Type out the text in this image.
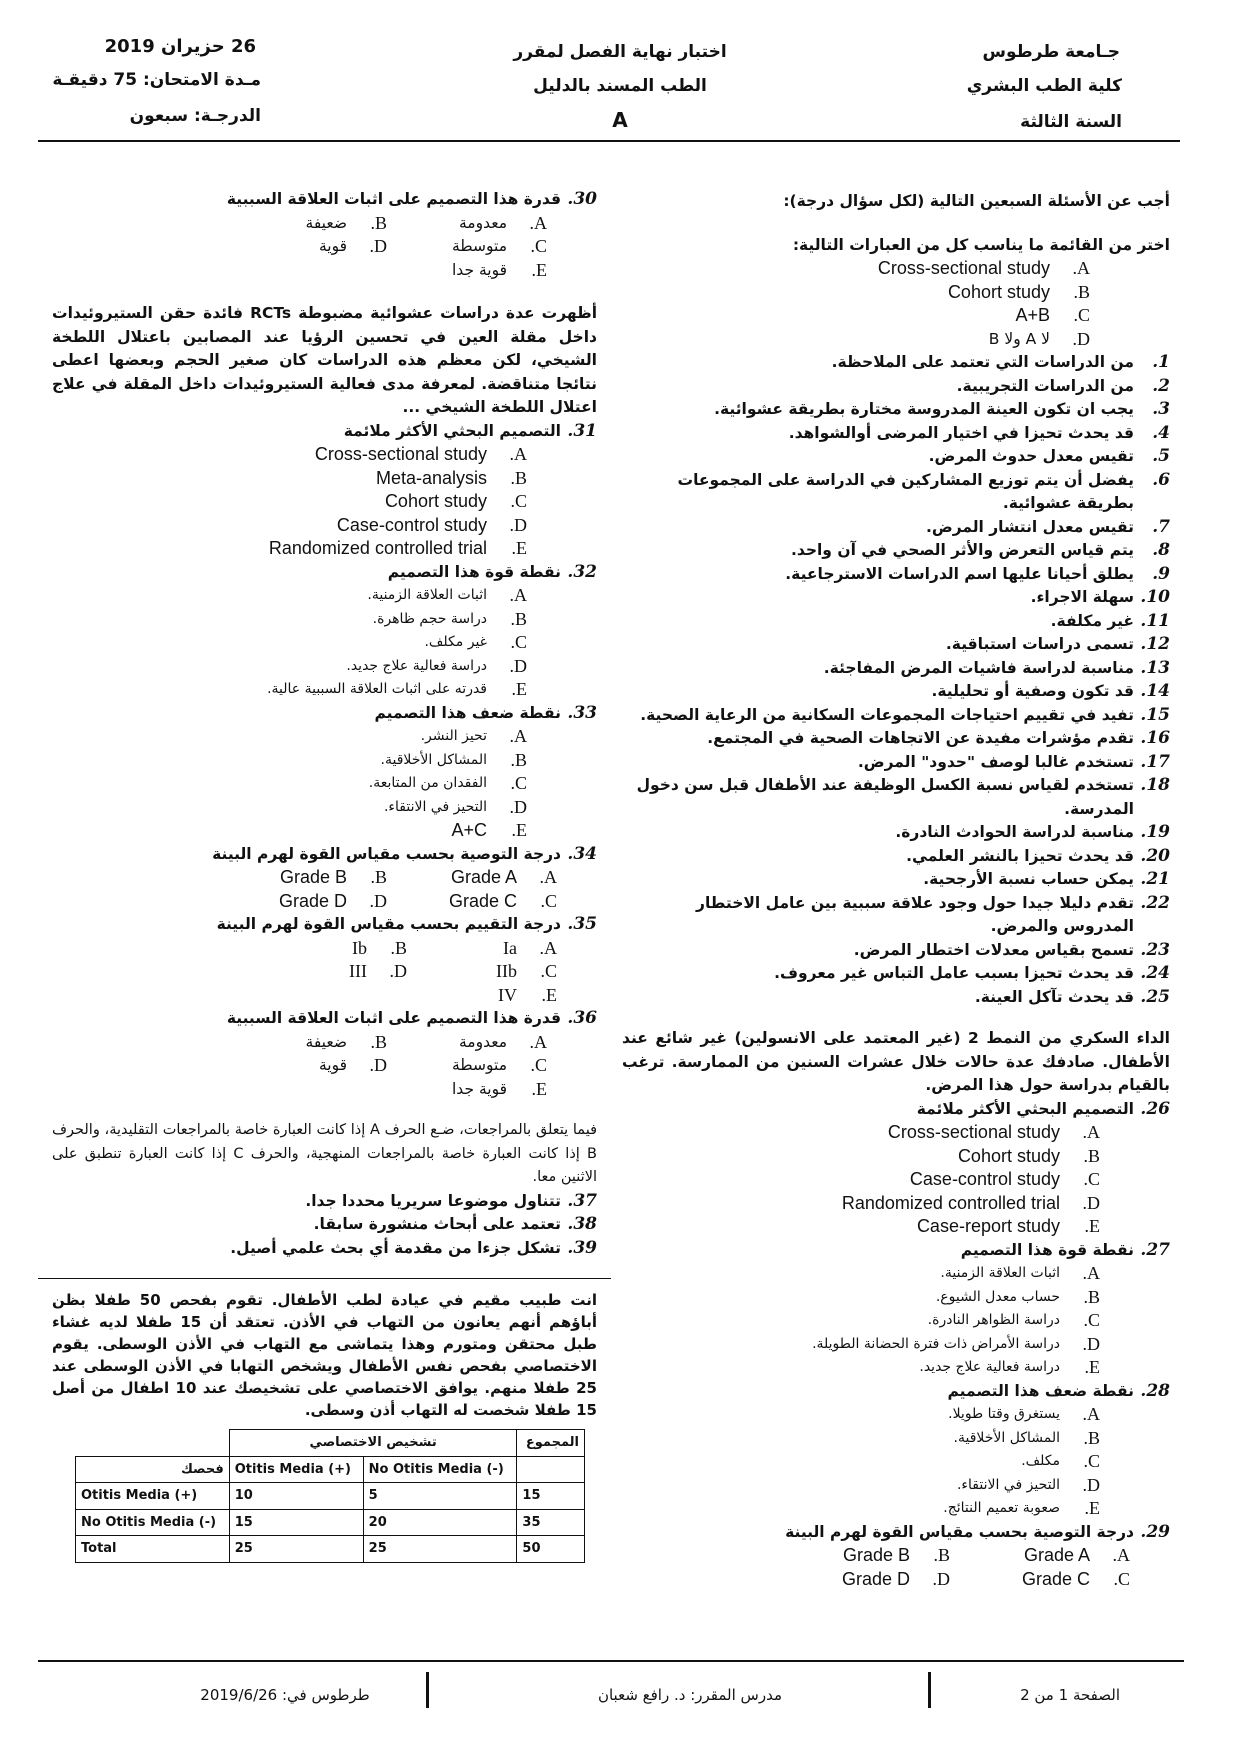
جـامعة طرطوس
كلية الطب البشري
السنة الثالثة
اختبار نهاية الفصل لمقرر
الطب المسند بالدليل
A
26 حزيران 2019
مـدة الامتحان: 75 دقيقـة
الدرجـة: سبعون

أجب عن الأسئلة السبعين التالية (لكل سؤال درجة):

اختر من القائمة ما يناسب كل من العبارات التالية:

A.
Cross-sectional study
B.
Cohort study
C.
A+B
D.
لا A ولا B
1.
من الدراسات التي تعتمد على الملاحظة.
2.
من الدراسات التجريبية.
3.
يجب ان تكون العينة المدروسة مختارة بطريقة عشوائية.
4.
قد يحدث تحيزا في اختيار المرضى أوالشواهد.
5.
تقيس معدل حدوث المرض.
6.
يفضل أن يتم توزيع المشاركين في الدراسة على المجموعات بطريقة عشوائية.
7.
تقيس معدل انتشار المرض.
8.
يتم قياس التعرض والأثر الصحي في آن واحد.
9.
يطلق أحيانا عليها اسم الدراسات الاسترجاعية.
10.
سهلة الاجراء.
11.
غير مكلفة.
12.
تسمى دراسات استباقية.
13.
مناسبة لدراسة فاشيات المرض المفاجئة.
14.
قد تكون وصفية أو تحليلية.
15.
تفيد في تقييم احتياجات المجموعات السكانية من الرعاية الصحية.
16.
تقدم مؤشرات مفيدة عن الاتجاهات الصحية في المجتمع.
17.
تستخدم غالبا لوصف "حدود" المرض.
18.
تستخدم لقياس نسبة الكسل الوظيفة عند الأطفال قبل سن دخول المدرسة.
19.
مناسبة لدراسة الحوادث النادرة.
20.
قد يحدث تحيزا بالنشر العلمي.
21.
يمكن حساب نسبة الأرجحية.
22.
تقدم دليلا جيدا حول وجود علاقة سببية بين عامل الاختطار المدروس والمرض.
23.
تسمح بقياس معدلات اختطار المرض.
24.
قد يحدث تحيزا بسبب عامل التباس غير معروف.
25.
قد يحدث تآكل العينة.
الداء السكري من النمط 2 (غير المعتمد على الانسولين) غير شائع عند الأطفال. صادفك عدة حالات خلال عشرات السنين من الممارسة. ترغب بالقيام بدراسة حول هذا المرض.
26.
التصميم البحثي الأكثر ملائمة
A.
Cross-sectional study
B.
Cohort study
C.
Case-control study
D.
Randomized controlled trial
E.
Case-report study
27.
نقطة قوة هذا التصميم
A.
اثبات العلاقة الزمنية.
B.
حساب معدل الشيوع.
C.
دراسة الظواهر النادرة.
D.
دراسة الأمراض ذات فترة الحضانة الطويلة.
E.
دراسة فعالية علاج جديد.
28.
نقطة ضعف هذا التصميم
A.
يستغرق وقتا طويلا.
B.
المشاكل الأخلاقية.
C.
مكلف.
D.
التحيز في الانتقاء.
E.
صعوبة تعميم النتائج.
29.
درجة التوصية بحسب مقياس القوة لهرم البينة
A.
Grade A
B.
Grade B
C.
Grade C
D.
Grade D
30.
قدرة هذا التصميم على اثبات العلاقة السببية
A.
معدومة
B.
ضعيفة
C.
متوسطة
D.
قوية
E.
قوية جدا
أظهرت عدة دراسات عشوائية مضبوطة RCTs فائدة حقن الستيروئيدات داخل مقلة العين في تحسين الرؤيا عند المصابين باعتلال اللطخة الشيخي، لكن معظم هذه الدراسات كان صغير الحجم وبعضها اعطى نتائجا متناقضة. لمعرفة مدى فعالية الستيروئيدات داخل المقلة في علاج اعتلال اللطخة الشيخي ...
31.
التصميم البحثي الأكثر ملائمة
A.
Cross-sectional study
B.
Meta-analysis
C.
Cohort study
D.
Case-control study
E.
Randomized controlled trial
32.
نقطة قوة هذا التصميم
A.
اثبات العلاقة الزمنية.
B.
دراسة حجم ظاهرة.
C.
غير مكلف.
D.
دراسة فعالية علاج جديد.
E.
قدرته على اثبات العلاقة السببية عالية.
33.
نقطة ضعف هذا التصميم
A.
تحيز النشر.
B.
المشاكل الأخلاقية.
C.
الفقدان من المتابعة.
D.
التحيز في الانتقاء.
E.
A+C
34.
درجة التوصية بحسب مقياس القوة لهرم البينة
A.
Grade A
B.
Grade B
C.
Grade C
D.
Grade D
35.
درجة التقييم بحسب مقياس القوة لهرم البينة
A.
Ia
B.
Ib
C.
IIb
D.
III
E.
IV
36.
قدرة هذا التصميم على اثبات العلاقة السببية
A.
معدومة
B.
ضعيفة
C.
متوسطة
D.
قوية
E.
قوية جدا
فيما يتعلق بالمراجعات، ضـع الحرف A إذا كانت العبارة خاصة بالمراجعات التقليدية، والحرف B إذا كانت العبارة خاصة بالمراجعات المنهجية، والحرف C إذا كانت العبارة تنطبق على الاثنين معا.
37.
تتناول موضوعا سريريا محددا جدا.
38.
تعتمد على أبحاث منشورة سابقا.
39.
تشكل جزءا من مقدمة أي بحث علمي أصيل.
انت طبيب مقيم في عيادة لطب الأطفال. تقوم بفحص 50 طفلا بظن أباؤهم أنهم يعانون من التهاب في الأذن. تعتقد أن 15 طفلا لديه غشاء طبل محتقن ومتورم وهذا يتماشى مع التهاب في الأذن الوسطى. يقوم الاختصاصي بفحص نفس الأطفال ويشخص التهابا في الأذن الوسطى عند 25 طفلا منهم. يوافق الاختصاصي على تشخيصك عند 10 اطفال من أصل 15 طفلا شخصت له التهاب أذن وسطى.
	تشخيص الاختصاصي		المجموع
فحصك	Otitis Media (+)	No Otitis Media (-)	
Otitis Media (+)	10	5	15
No Otitis Media (-)	15	20	35
Total	25	25	50
الصفحة 1 من 2
مدرس المقرر: د. رافع شعبان
طرطوس في: 2019/6/26
